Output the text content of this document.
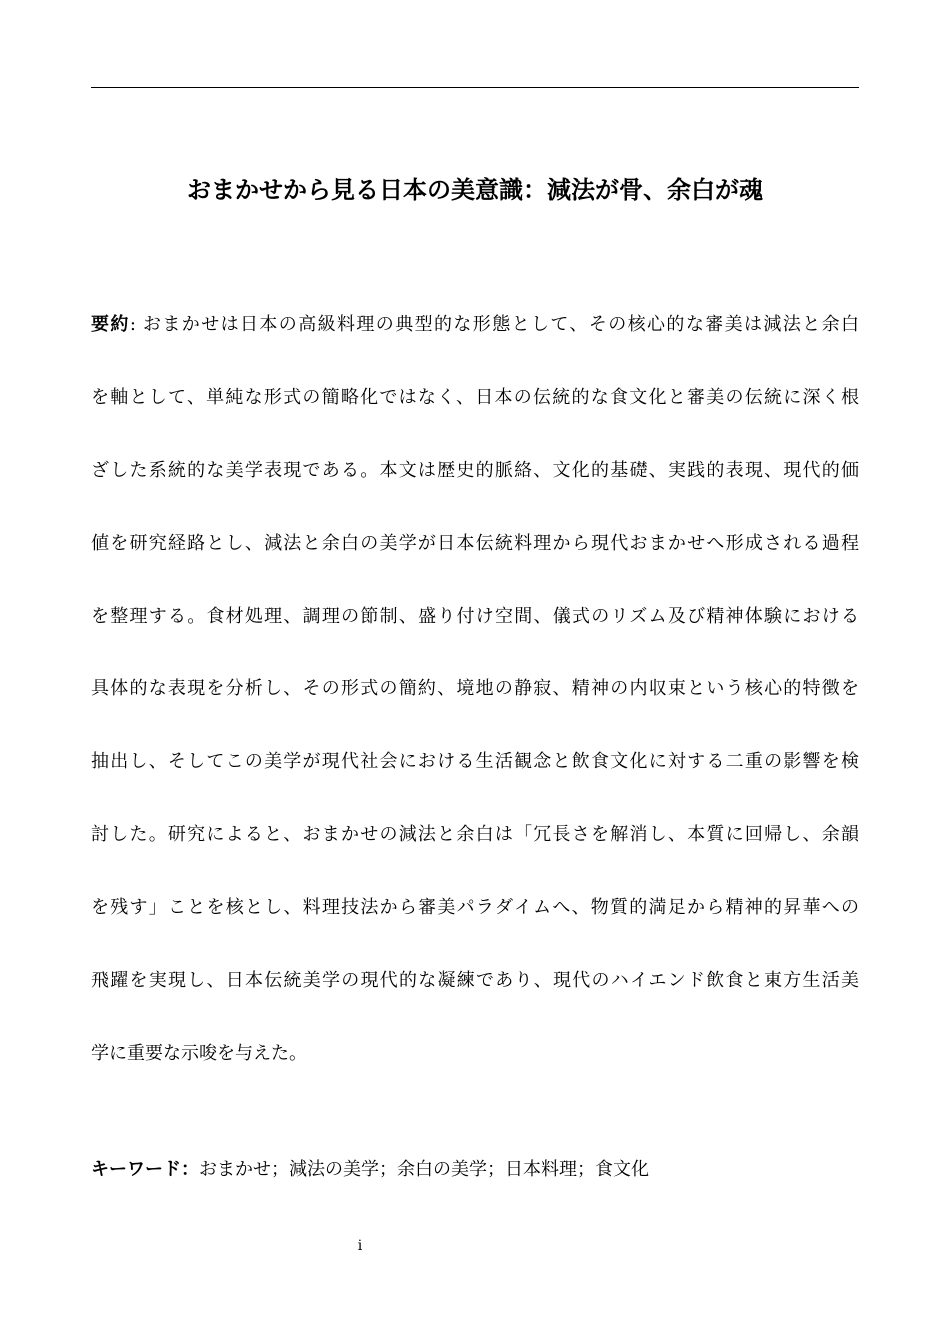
おまかせから見る日本の美意識：減法が骨、余白が魂
要約: おまかせは日本の高級料理の典型的な形態として、その核心的な審美は減法と余白
を軸として、単純な形式の簡略化ではなく、日本の伝統的な食文化と審美の伝統に深く根
ざした系統的な美学表現である。本文は歴史的脈絡、文化的基礎、実践的表現、現代的価
値を研究経路とし、減法と余白の美学が日本伝統料理から現代おまかせへ形成される過程
を整理する。食材処理、調理の節制、盛り付け空間、儀式のリズム及び精神体験における
具体的な表現を分析し、その形式の簡約、境地の静寂、精神の内収束という核心的特徴を
抽出し、そしてこの美学が現代社会における生活観念と飲食文化に対する二重の影響を検
討した。研究によると、おまかせの減法と余白は「冗長さを解消し、本質に回帰し、余韻
を残す」ことを核とし、料理技法から審美パラダイムへ、物質的満足から精神的昇華への
飛躍を実現し、日本伝統美学の現代的な凝練であり、現代のハイエンド飲食と東方生活美
学に重要な示唆を与えた。
キーワード：おまかせ；減法の美学；余白の美学；日本料理；食文化
i
